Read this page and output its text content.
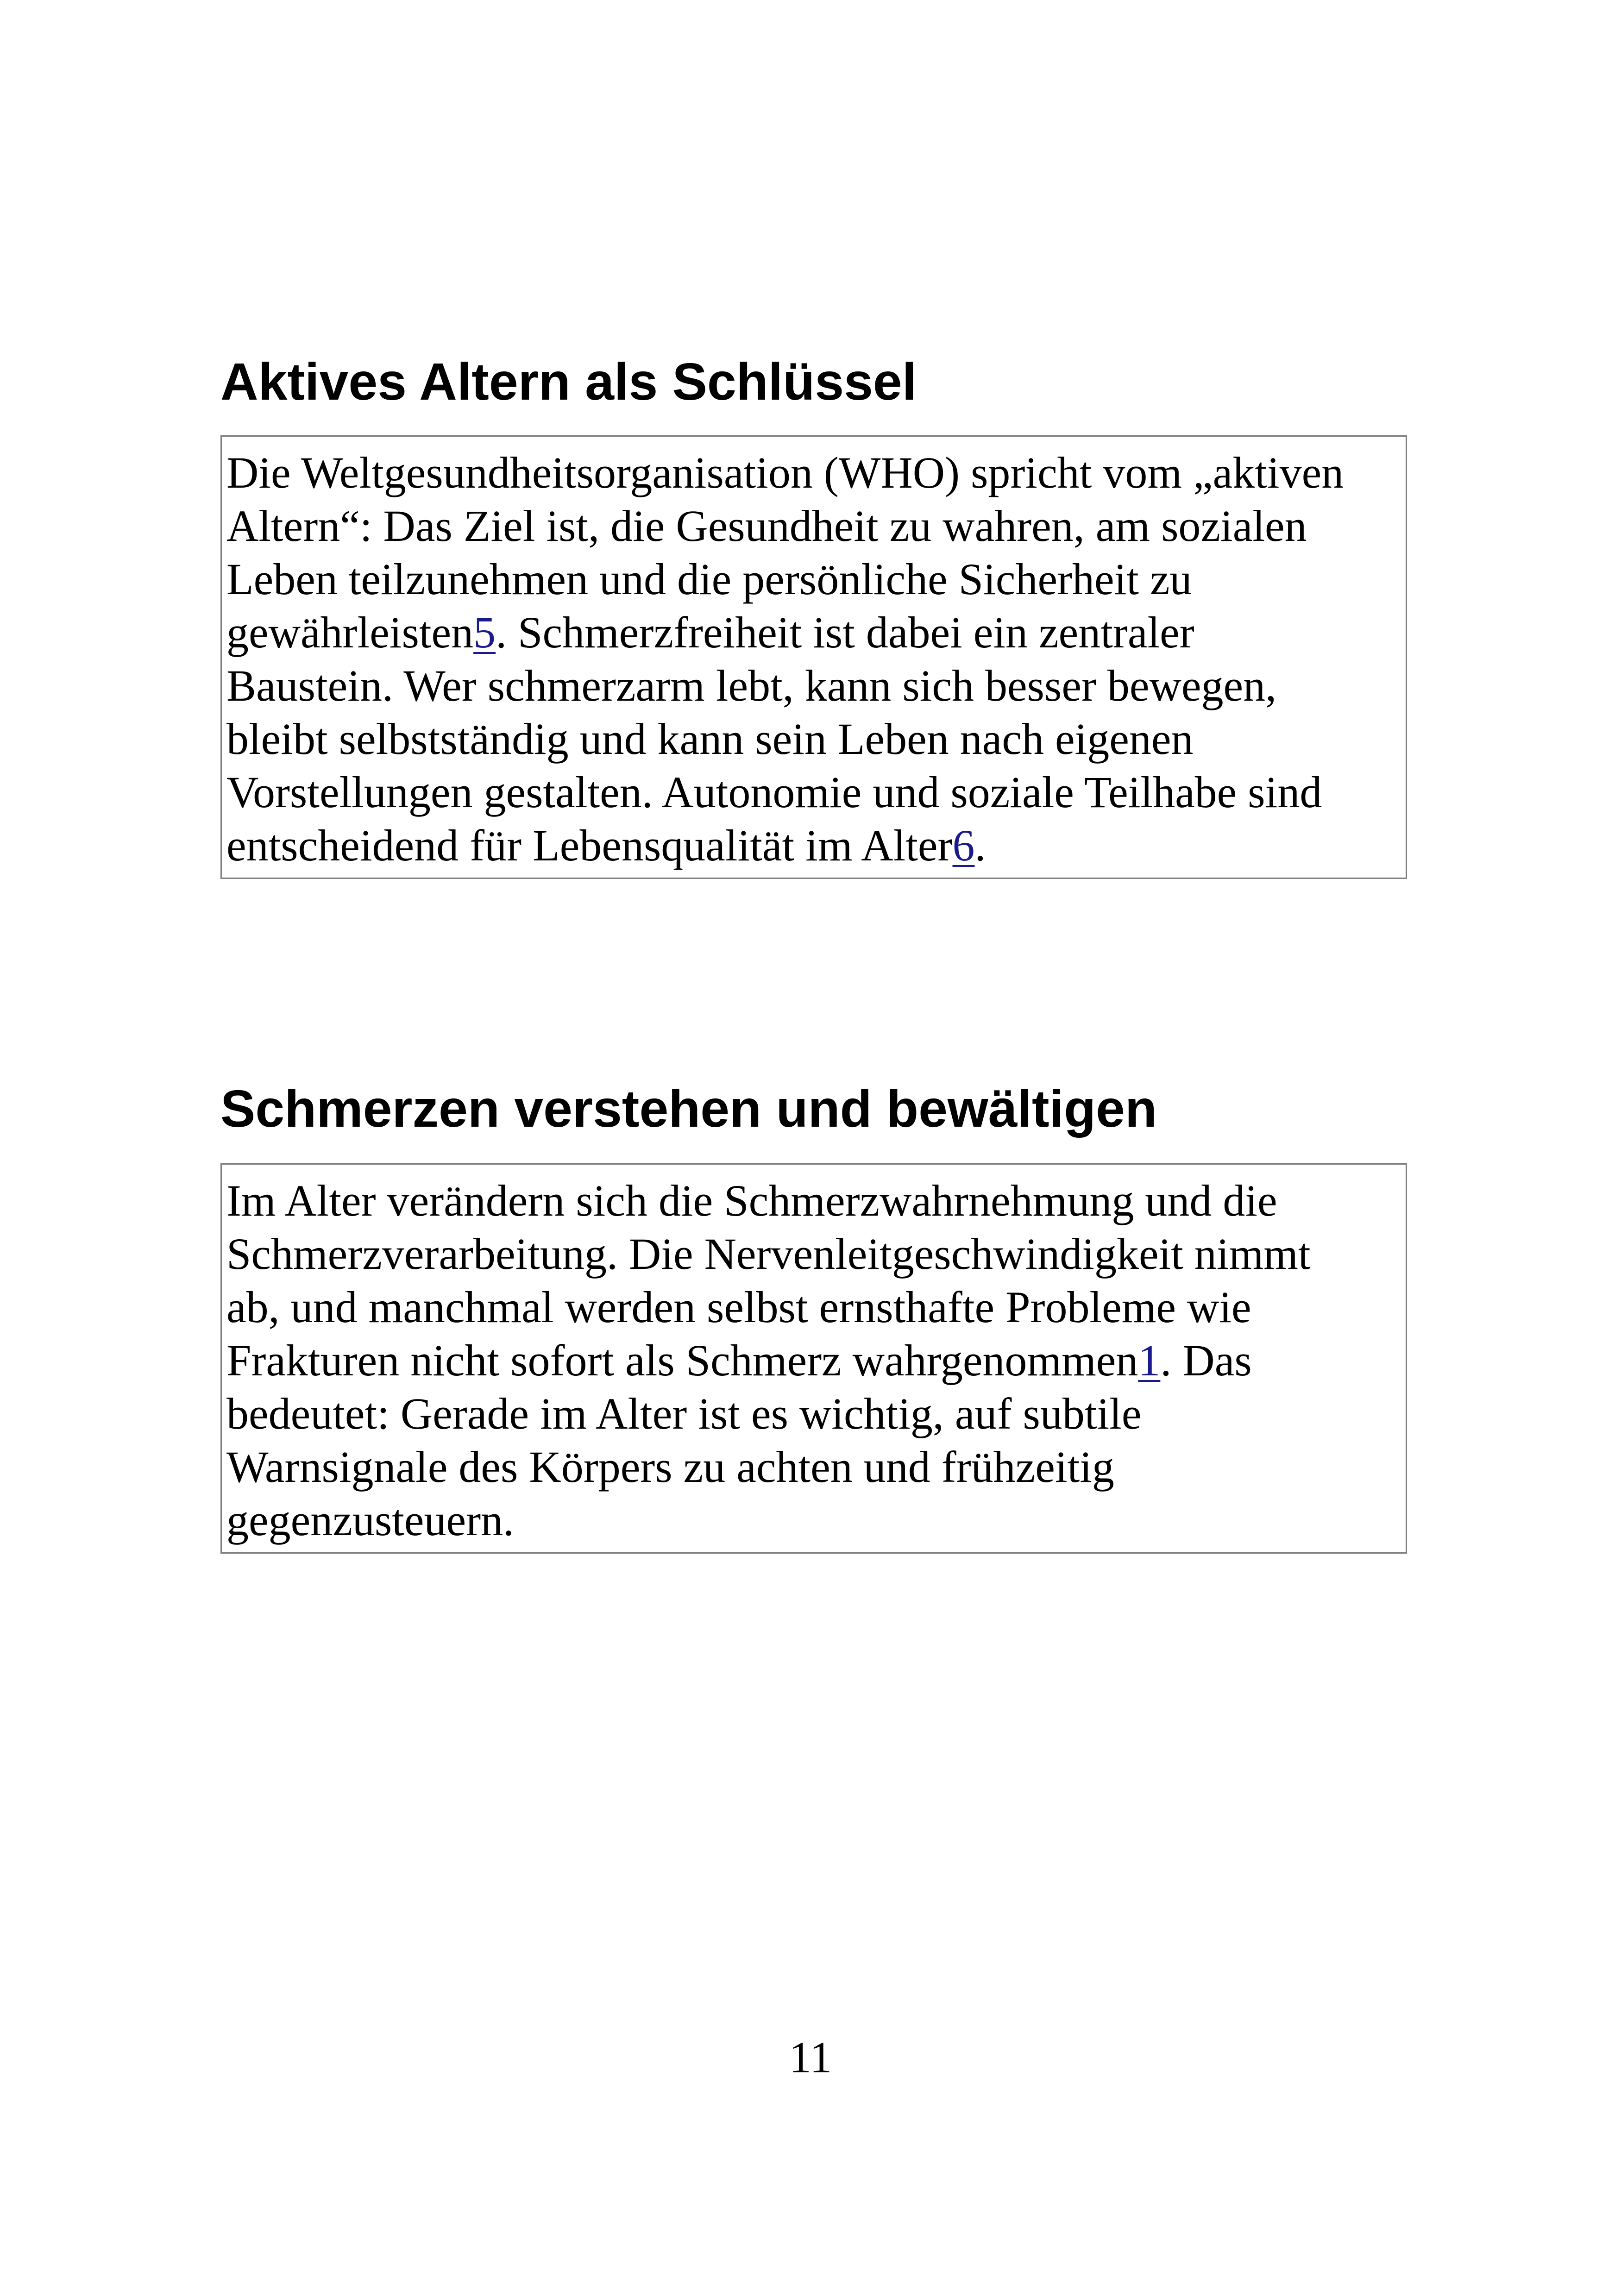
Aktives Altern als Schlüssel
Die Weltgesundheitsorganisation (WHO) spricht vom „aktiven
Altern“: Das Ziel ist, die Gesundheit zu wahren, am sozialen
Leben teilzunehmen und die persönliche Sicherheit zu
gewährleisten5. Schmerzfreiheit ist dabei ein zentraler
Baustein. Wer schmerzarm lebt, kann sich besser bewegen,
bleibt selbstständig und kann sein Leben nach eigenen
Vorstellungen gestalten. Autonomie und soziale Teilhabe sind
entscheidend für Lebensqualität im Alter6.
Schmerzen verstehen und bewältigen
Im Alter verändern sich die Schmerzwahrnehmung und die
Schmerzverarbeitung. Die Nervenleitgeschwindigkeit nimmt
ab, und manchmal werden selbst ernsthafte Probleme wie
Frakturen nicht sofort als Schmerz wahrgenommen1. Das
bedeutet: Gerade im Alter ist es wichtig, auf subtile
Warnsignale des Körpers zu achten und frühzeitig
gegenzusteuern.
11
